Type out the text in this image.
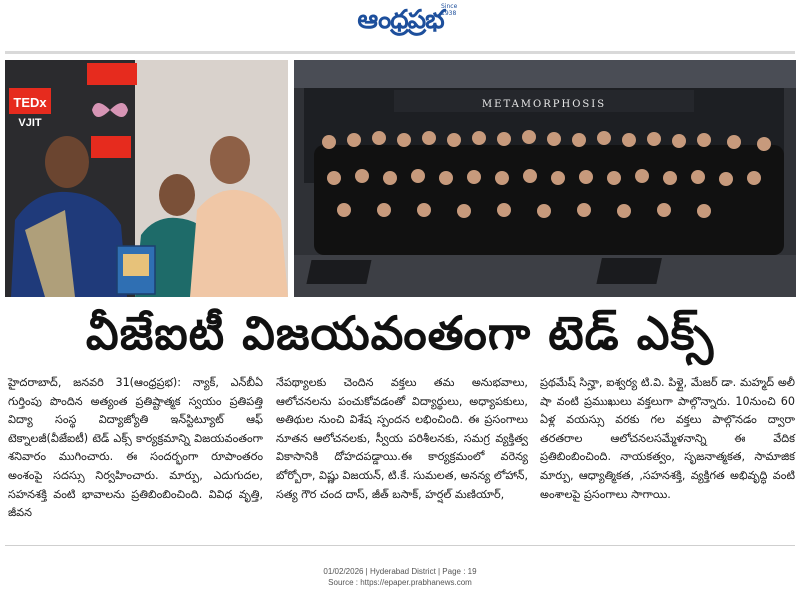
ఆంధ్రప్రభ
Since 1938
TEDx
VJIT
METAMORPHOSIS
వీజేఐటీ విజయవంతంగా టెడ్ ఎక్స్

హైదరాబాద్, జనవరి 31(ఆంధ్రప్రభ): న్యాక్, ఎన్‌బీఏ గుర్తింపు పొందిన అత్యంత ప్రతిష్టాత్మక స్వయం ప్రతిపత్తి విద్యా సంస్థ విద్యాజ్యోతి ఇన్‌స్టిట్యూట్ ఆఫ్ టెక్నాలజీ(వీజేఐటీ) టెడ్ ఎక్స్ కార్యక్రమాన్ని విజయవంతంగా శనివారం ముగించారు. ఈ సందర్భంగా రూపాంతరం అంశంపై సదస్సు నిర్వహించారు. మార్పు, ఎదుగుదల, సహనశక్తి వంటి భావాలను ప్రతిబింబించింది. వివిధ వృత్తి, జీవన

నేపథ్యాలకు చెందిన వక్తలు తమ అనుభవాలు, ఆలోచనలను పంచుకోవడంతో విద్యార్థులు, అధ్యాపకులు, అతిథుల నుంచి విశేష స్పందన లభించింది. ఈ ప్రసంగాలు నూతన ఆలోచనలకు, స్వీయ పరిశీలనకు, సమగ్ర వ్యక్తిత్వ వికాసానికి దోహదపడ్డాయి.ఈ కార్యక్రమంలో వరెన్య బోర్బోరా, విష్ణు విజయన్, టి.కే. సుమలత, అనన్య లోహాన్, సత్య గౌర చంద దాస్, జీత్ బసాక్, హర్షల్ మణియార్,

ప్రథమేష్ సిన్హా, ఐశ్వర్య టి.వి. పిళ్లై, మేజర్ డా. మహ్మద్ అలీ షా వంటి ప్రముఖులు వక్తలుగా పాల్గొన్నారు. 10నుంచి 60 ఏళ్ల వయస్సు వరకు గల వక్తలు పాల్గొనడం ద్వారా తరతరాల ఆలోచనలసమ్మేళనాన్ని ఈ వేదిక ప్రతిబింబించింది. నాయకత్వం, సృజనాత్మకత, సామాజిక మార్పు, ఆధ్యాత్మికత, ,సహనశక్తి, వ్యక్తిగత అభివృద్ధి వంటి అంశాలపై ప్రసంగాలు సాగాయి.

01/02/2026 | Hyderabad District | Page : 19
Source : https://epaper.prabhanews.com
